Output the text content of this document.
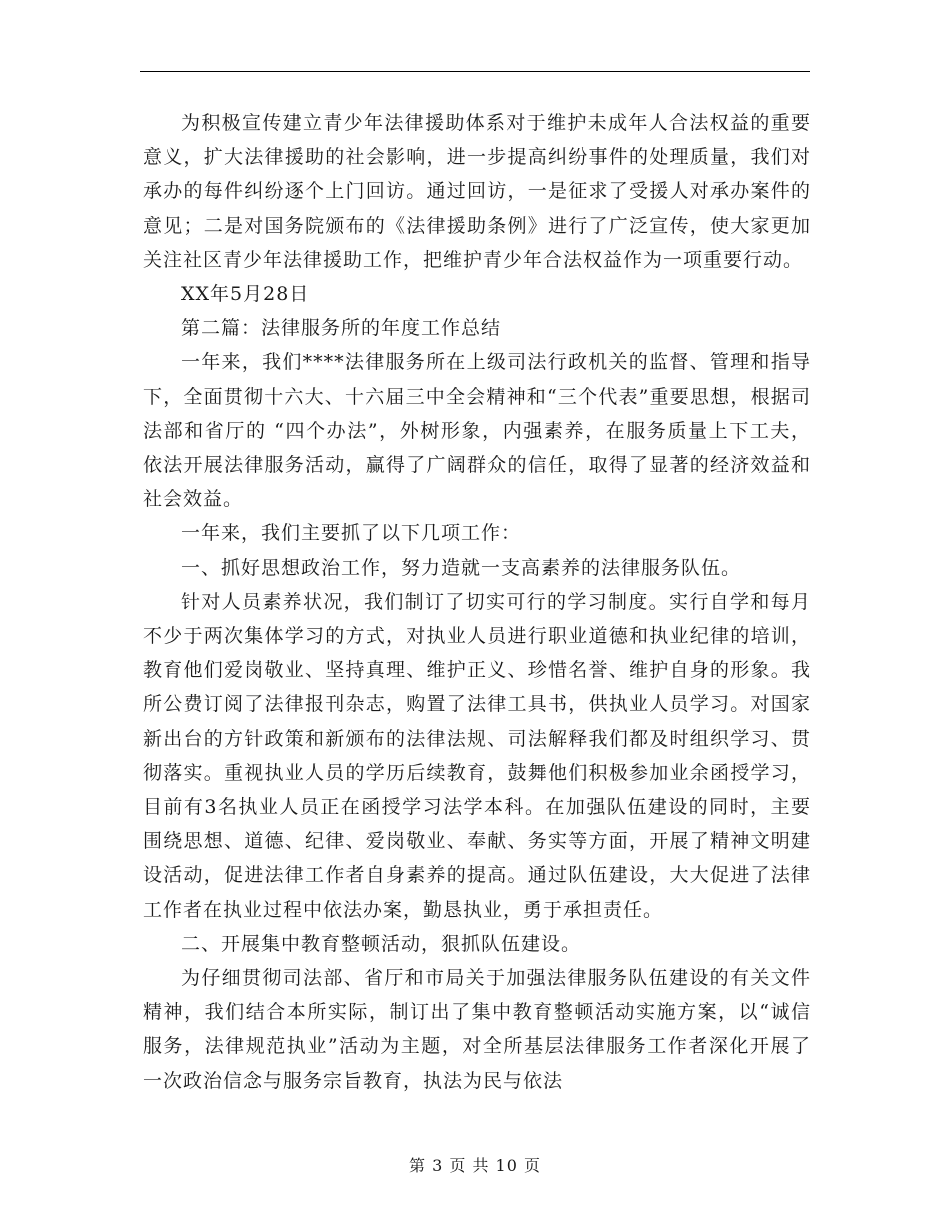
为积极宣传建立青少年法律援助体系对于维护未成年人合法权益的重要意义，扩大法律援助的社会影响，进一步提高纠纷事件的处理质量，我们对承办的每件纠纷逐个上门回访。通过回访，一是征求了受援人对承办案件的意见；二是对国务院颁布的《法律援助条例》进行了广泛宣传，使大家更加关注社区青少年法律援助工作，把维护青少年合法权益作为一项重要行动。

XX年5月28日

第二篇：法律服务所的年度工作总结

一年来，我们****法律服务所在上级司法行政机关的监督、管理和指导下，全面贯彻十六大、十六届三中全会精神和“三个代表”重要思想，根据司法部和省厅的 “四个办法”，外树形象，内强素养，在服务质量上下工夫，依法开展法律服务活动，赢得了广阔群众的信任，取得了显著的经济效益和社会效益。

一年来，我们主要抓了以下几项工作：

一、抓好思想政治工作，努力造就一支高素养的法律服务队伍。

针对人员素养状况，我们制订了切实可行的学习制度。实行自学和每月不少于两次集体学习的方式，对执业人员进行职业道德和执业纪律的培训，教育他们爱岗敬业、坚持真理、维护正义、珍惜名誉、维护自身的形象。我所公费订阅了法律报刊杂志，购置了法律工具书，供执业人员学习。对国家新出台的方针政策和新颁布的法律法规、司法解释我们都及时组织学习、贯彻落实。重视执业人员的学历后续教育，鼓舞他们积极参加业余函授学习，目前有3名执业人员正在函授学习法学本科。在加强队伍建设的同时，主要围绕思想、道德、纪律、爱岗敬业、奉献、务实等方面，开展了精神文明建设活动，促进法律工作者自身素养的提高。通过队伍建设，大大促进了法律工作者在执业过程中依法办案，勤恳执业，勇于承担责任。

二、开展集中教育整顿活动，狠抓队伍建设。

为仔细贯彻司法部、省厅和市局关于加强法律服务队伍建设的有关文件精神，我们结合本所实际，制订出了集中教育整顿活动实施方案，以“诚信服务，法律规范执业”活动为主题，对全所基层法律服务工作者深化开展了一次政治信念与服务宗旨教育，执法为民与依法

第 3 页 共 10 页
